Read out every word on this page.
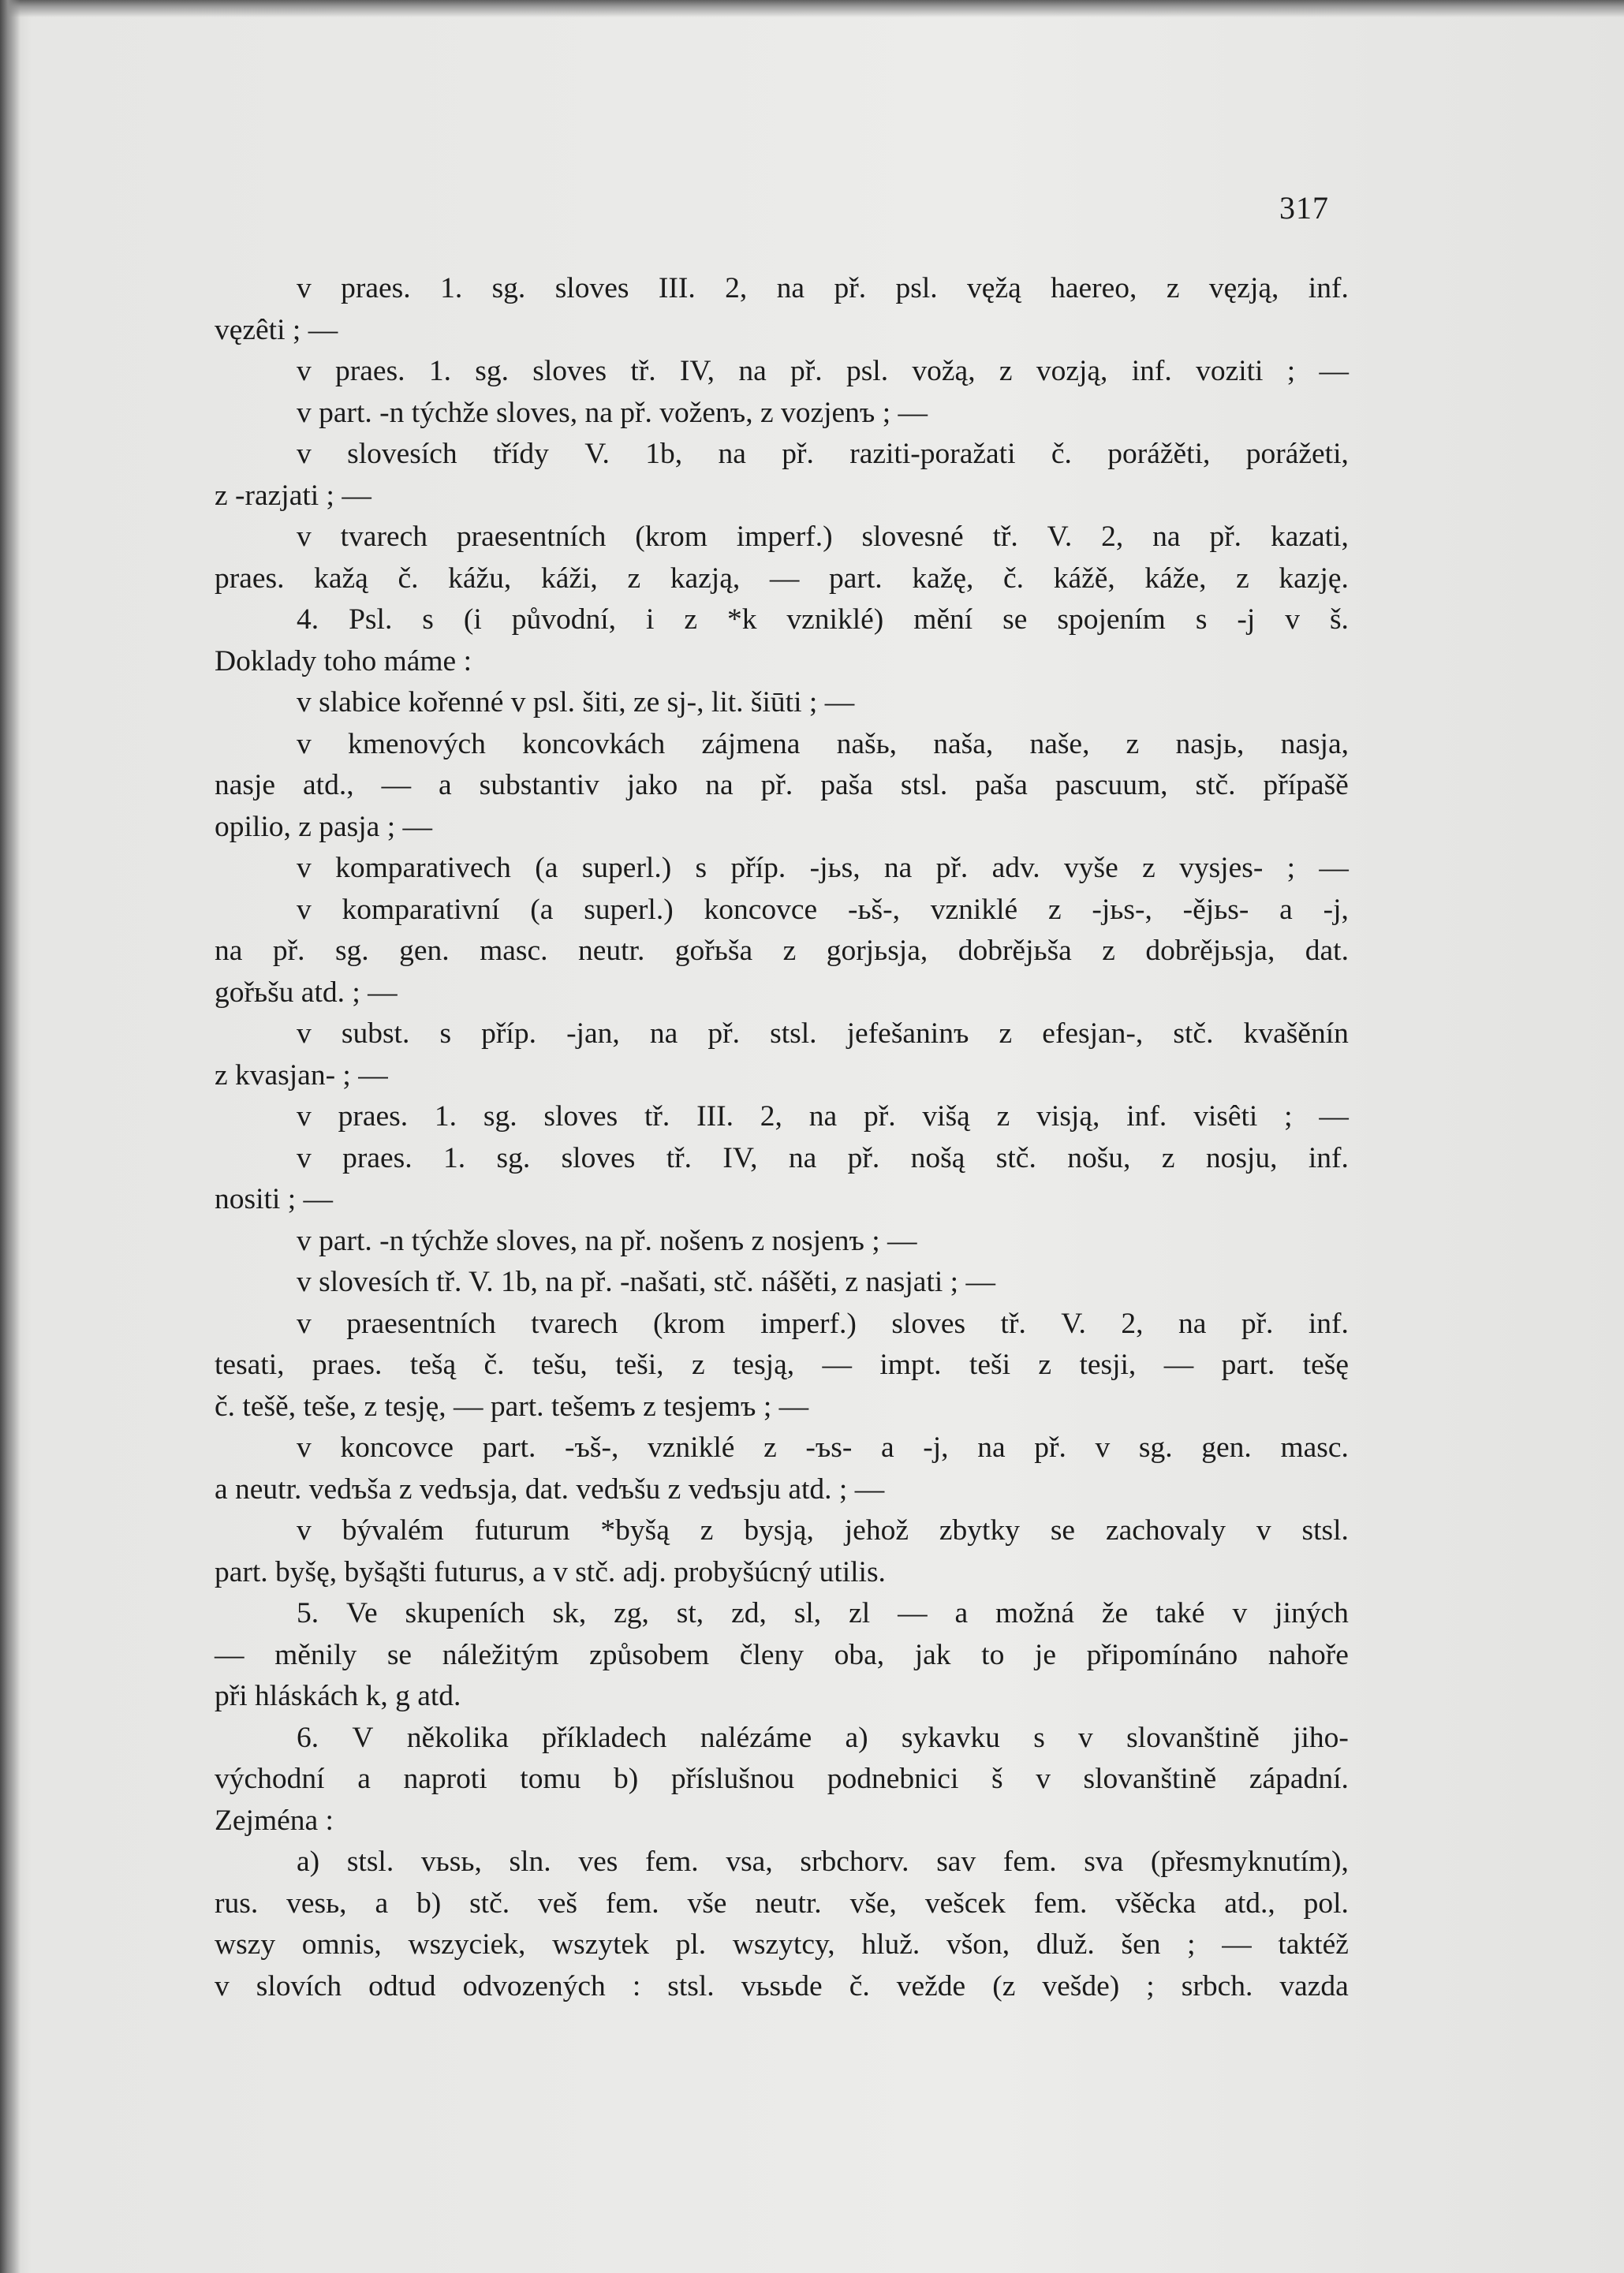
317
v praes. 1. sg. sloves III. 2, na př. psl. vęžą haereo, z vęzją, inf.
vęzêti ; —
v praes. 1. sg. sloves tř. IV, na př. psl. vožą, z vozją, inf. voziti ; —
v part. -n týchže sloves, na př. voženъ, z vozjenъ ; —
v slovesích třídy V. 1b, na př. raziti-poražati č. porážěti, porážeti,
z -razjati ; —
v tvarech praesentních (krom imperf.) slovesné tř. V. 2, na př. kazati,
praes. kažą č. kážu, káži, z kazją, — part. kažę, č. kážě, káže, z kazję.
4. Psl. s (i původní, i z *k vzniklé) mění se spojením s -j v š.
Doklady toho máme :
v slabice kořenné v psl. šiti, ze sj-, lit. šiūti ; —
v kmenových koncovkách zájmena našь, naša, naše, z nasjь, nasja,
nasje atd., — a substantiv jako na př. paša stsl. paša pascuum, stč. přípašě
opilio, z pasja ; —
v komparativech (a superl.) s příp. -jьs, na př. adv. vyše z vysjes- ; —
v komparativní (a superl.) koncovce -ьš-, vzniklé z -jьs-, -ějьs- a -j,
na př. sg. gen. masc. neutr. gořьša z gorjьsja, dobrějьša z dobrějьsja, dat.
gořьšu atd. ; —
v subst. s příp. -jan, na př. stsl. jefešaninъ z efesjan-, stč. kvašěnín
z kvasjan- ; —
v praes. 1. sg. sloves tř. III. 2, na př. višą z visją, inf. visêti ; —
v praes. 1. sg. sloves tř. IV, na př. nošą stč. nošu, z nosju, inf.
nositi ; —
v part. -n týchže sloves, na př. nošenъ z nosjenъ ; —
v slovesích tř. V. 1b, na př. -našati, stč. nášěti, z nasjati ; —
v praesentních tvarech (krom imperf.) sloves tř. V. 2, na př. inf.
tesati, praes. tešą č. tešu, teši, z tesją, — impt. teši z tesji, — part. tešę
č. tešě, teše, z tesję, — part. tešemъ z tesjemъ ; —
v koncovce part. -ъš-, vzniklé z -ъs- a -j, na př. v sg. gen. masc.
a neutr. vedъša z vedъsja, dat. vedъšu z vedъsju atd. ; —
v bývalém futurum *byšą z bysją, jehož zbytky se zachovaly v stsl.
part. byšę, byšąšti futurus, a v stč. adj. probyšúcný utilis.
5. Ve skupeních sk, zg, st, zd, sl, zl — a možná že také v jiných
— měnily se náležitým způsobem členy oba, jak to je připomínáno nahoře
při hláskách k, g atd.
6. V několika příkladech nalézáme a) sykavku s v slovanštině jiho-
východní a naproti tomu b) příslušnou podnebnici š v slovanštině západní.
Zejména :
a) stsl. vьsь, sln. ves fem. vsa, srbchorv. sav fem. sva (přesmyknutím),
rus. vesь, a b) stč. veš fem. vše neutr. vše, vešcek fem. všěcka atd., pol.
wszy omnis, wszyciek, wszytek pl. wszytcy, hluž. všon, dluž. šen ; — taktéž
v slovích odtud odvozených : stsl. vьsьde č. vežde (z vešde) ; srbch. vazda
